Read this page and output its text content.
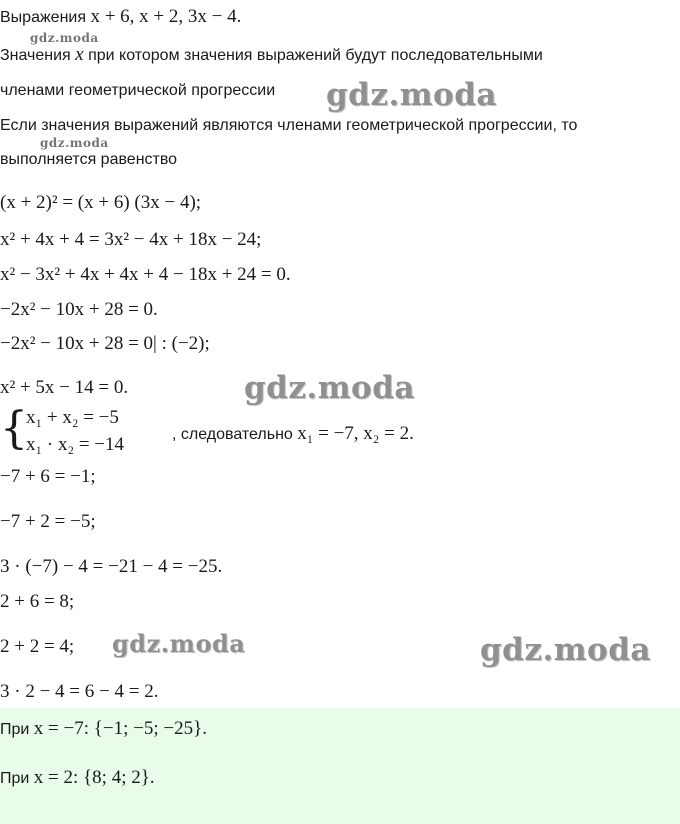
Выражения x + 6, x + 2, 3x − 4.
gdz.moda
Значения x при котором значения выражений будут последовательными
членами геометрической прогрессии gdz.moda
Если значения выражений являются членами геометрической прогрессии, то
gdz.moda
выполняется равенство
(x + 2)² = (x + 6) (3x − 4);
x² + 4x + 4 = 3x² − 4x + 18x − 24;
x² − 3x² + 4x + 4x + 4 − 18x + 24 = 0.
−2x² − 10x + 28 = 0.
−2x² − 10x + 28 = 0| : (−2);
x² + 5x − 14 = 0.	gdz.moda
{
x₁ + x₂ = −5
x₁ · x₂ = −14	, следовательно x₁ = −7, x₂ = 2.
−7 + 6 = −1;
−7 + 2 = −5;
3 · (−7) − 4 = −21 − 4 = −25.
2 + 6 = 8;
2 + 2 = 4; gdz.moda	gdz.moda
3 · 2 − 4 = 6 − 4 = 2.
При x = −7: {−1; −5; −25}.
При x = 2: {8; 4; 2}.
